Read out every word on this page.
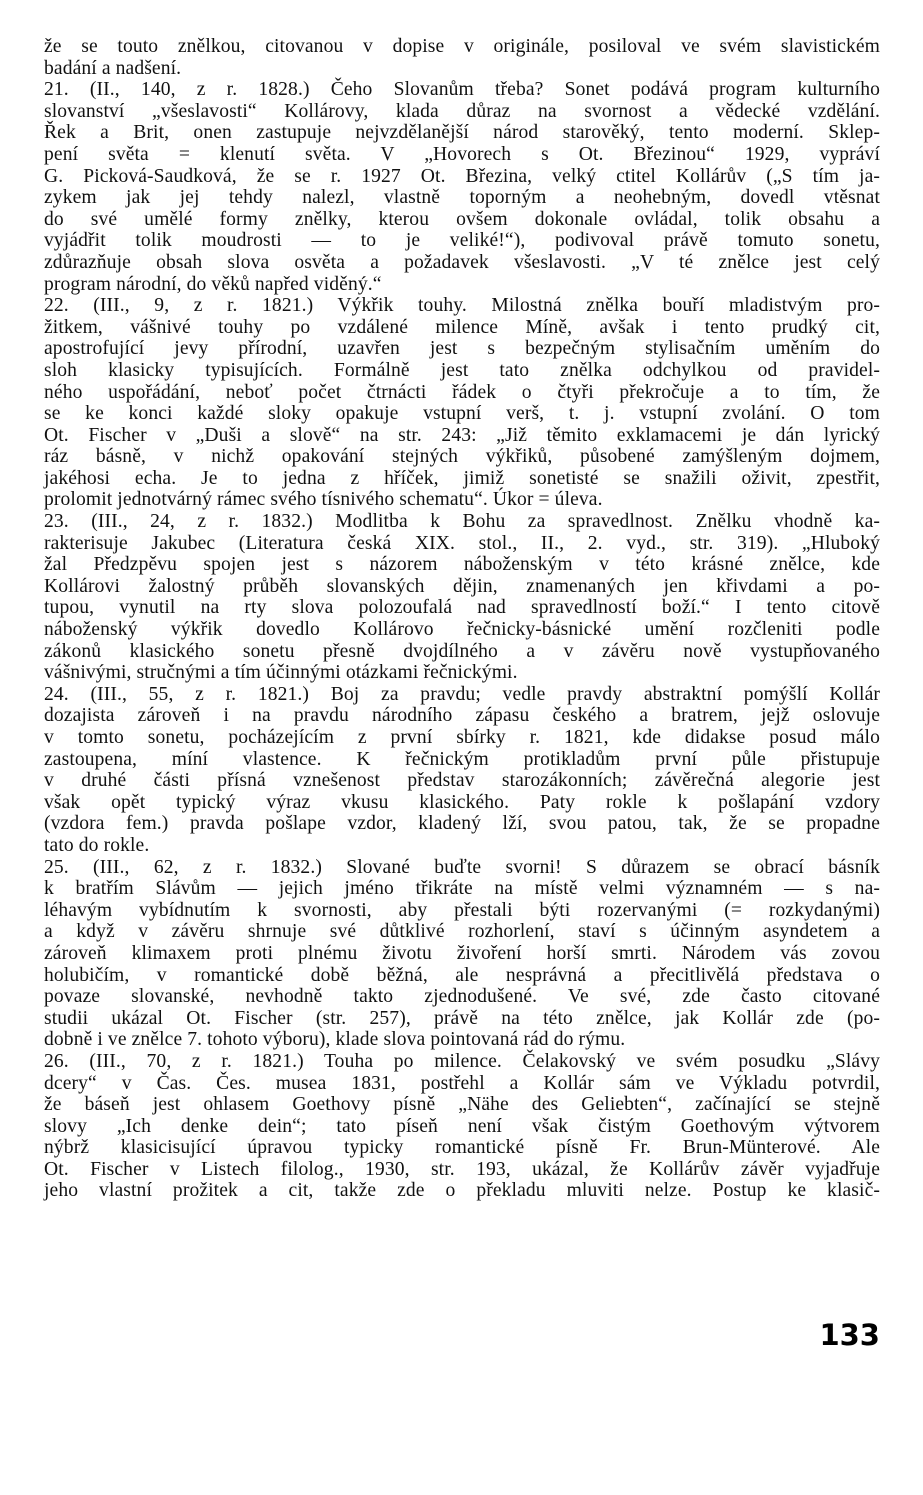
že se touto znělkou, citovanou v dopise v originále, posiloval ve svém slavistickém
badání a nadšení.
21. (II., 140, z r. 1828.) Čeho Slovanům třeba? Sonet podává program kulturního
slovanství „všeslavosti“ Kollárovy, klada důraz na svornost a vědecké vzdělání.
Řek a Brit, onen zastupuje nejvzdělanější národ starověký, tento moderní. Sklep-
pení světa = klenutí světa. V „Hovorech s Ot. Březinou“ 1929, vypráví
G. Picková-Saudková, že se r. 1927 Ot. Březina, velký ctitel Kollárův („S tím ja-
zykem jak jej tehdy nalezl, vlastně toporným a neohebným, dovedl vtěsnat
do své umělé formy znělky, kterou ovšem dokonale ovládal, tolik obsahu a
vyjádřit tolik moudrosti — to je veliké!“), podivoval právě tomuto sonetu,
zdůrazňuje obsah slova osvěta a požadavek všeslavosti. „V té znělce jest celý
program národní, do věků napřed viděný.“
22. (III., 9, z r. 1821.) Výkřik touhy. Milostná znělka bouří mladistvým pro-
žitkem, vášnivé touhy po vzdálené milence Míně, avšak i tento prudký cit,
apostrofující jevy přírodní, uzavřen jest s bezpečným stylisačním uměním do
sloh klasicky typisujících. Formálně jest tato znělka odchylkou od pravidel-
ného uspořádání, neboť počet čtrnácti řádek o čtyři překročuje a to tím, že
se ke konci každé sloky opakuje vstupní verš, t. j. vstupní zvolání. O tom
Ot. Fischer v „Duši a slově“ na str. 243: „Již těmito exklamacemi je dán lyrický
ráz básně, v nichž opakování stejných výkřiků, působené zamýšleným dojmem,
jakéhosi echa. Je to jedna z hříček, jimiž sonetisté se snažili oživit, zpestřit,
prolomit jednotvárný rámec svého tísnivého schematu“. Úkor = úleva.
23. (III., 24, z r. 1832.) Modlitba k Bohu za spravedlnost. Znělku vhodně ka-
rakterisuje Jakubec (Literatura česká XIX. stol., II., 2. vyd., str. 319). „Hluboký
žal Předzpěvu spojen jest s názorem náboženským v této krásné znělce, kde
Kollárovi žalostný průběh slovanských dějin, znamenaných jen křivdami a po-
tupou, vynutil na rty slova polozoufalá nad spravedlností boží.“ I tento citově
náboženský výkřik dovedlo Kollárovo řečnicky-básnické umění rozčleniti podle
zákonů klasického sonetu přesně dvojdílného a v závěru nově vystupňovaného
vášnivými, stručnými a tím účinnými otázkami řečnickými.
24. (III., 55, z r. 1821.) Boj za pravdu; vedle pravdy abstraktní pomýšlí Kollár
dozajista zároveň i na pravdu národního zápasu českého a bratrem, jejž oslovuje
v tomto sonetu, pocházejícím z první sbírky r. 1821, kde didakse posud málo
zastoupena, míní vlastence. K řečnickým protikladům první půle přistupuje
v druhé části přísná vznešenost představ starozákonních; závěrečná alegorie jest
však opět typický výraz vkusu klasického. Paty rokle k pošlapání vzdory
(vzdora fem.) pravda pošlape vzdor, kladený lží, svou patou, tak, že se propadne
tato do rokle.
25. (III., 62, z r. 1832.) Slované buďte svorni! S důrazem se obrací básník
k bratřím Slávům — jejich jméno třikráte na místě velmi významném — s na-
léhavým vybídnutím k svornosti, aby přestali býti rozervanými (= rozkydanými)
a když v závěru shrnuje své důtklivé rozhorlení, staví s účinným asyndetem a
zároveň klimaxem proti plnému životu živoření horší smrti. Národem vás zovou
holubičím, v romantické době běžná, ale nesprávná a přecitlivělá představa o
povaze slovanské, nevhodně takto zjednodušené. Ve své, zde často citované
studii ukázal Ot. Fischer (str. 257), právě na této znělce, jak Kollár zde (po-
dobně i ve znělce 7. tohoto výboru), klade slova pointovaná rád do rýmu.
26. (III., 70, z r. 1821.) Touha po milence. Čelakovský ve svém posudku „Slávy
dcery“ v Čas. Čes. musea 1831, postřehl a Kollár sám ve Výkladu potvrdil,
že báseň jest ohlasem Goethovy písně „Nähe des Geliebten“, začínající se stejně
slovy „Ich denke dein“; tato píseň není však čistým Goethovým výtvorem
nýbrž klasicisující úpravou typicky romantické písně Fr. Brun-Münterové. Ale
Ot. Fischer v Listech filolog., 1930, str. 193, ukázal, že Kollárův závěr vyjadřuje
jeho vlastní prožitek a cit, takže zde o překladu mluviti nelze. Postup ke klasič-
133
